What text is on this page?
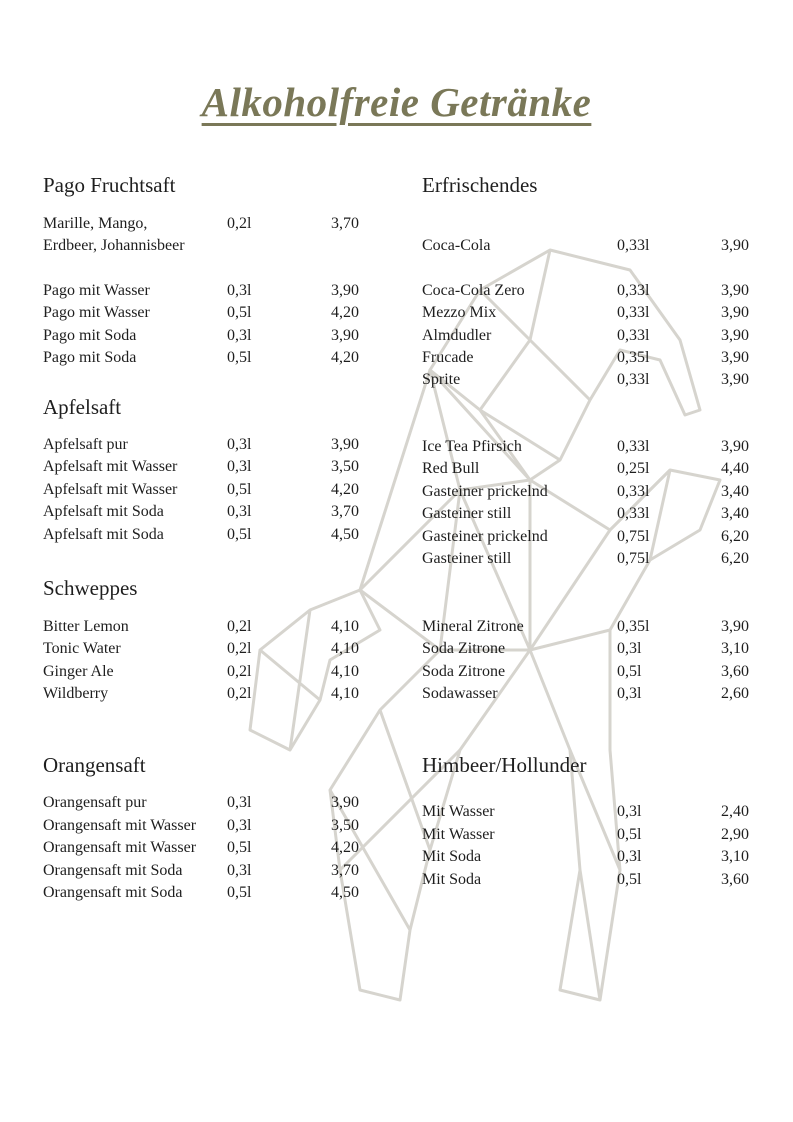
Alkoholfreie Getränke
Pago Fruchtsaft
Marille, Mango,	0,2l	3,70
Erdbeer, Johannisbeer
Pago mit Wasser	0,3l	3,90
Pago mit Wasser	0,5l	4,20
Pago mit Soda	0,3l	3,90
Pago mit Soda	0,5l	4,20
Apfelsaft
Apfelsaft pur	0,3l	3,90
Apfelsaft mit Wasser	0,3l	3,50
Apfelsaft mit Wasser	0,5l	4,20
Apfelsaft mit Soda	0,3l	3,70
Apfelsaft mit Soda	0,5l	4,50
Schweppes
Bitter Lemon	0,2l	4,10
Tonic Water	0,2l	4,10
Ginger Ale	0,2l	4,10
Wildberry	0,2l	4,10
Orangensaft
Orangensaft pur	0,3l	3,90
Orangensaft mit Wasser 0,3l	3,50
Orangensaft mit Wasser 0,5l	4,20
Orangensaft mit Soda	0,3l	3,70
Orangensaft mit Soda	0,5l	4,50
Erfrischendes
Coca-Cola	0,33l	3,90
Coca-Cola Zero	0,33l	3,90
Mezzo Mix	0,33l	3,90
Almdudler	0,33l	3,90
Frucade	0,35l	3,90
Sprite	0,33l	3,90
Ice Tea Pfirsich	0,33l	3,90
Red Bull	0,25l	4,40
Gasteiner prickelnd	0,33l	3,40
Gasteiner still	0,33l	3,40
Gasteiner prickelnd	0,75l	6,20
Gasteiner still	0,75l	6,20
Mineral Zitrone	0,35l	3,90
Soda Zitrone	0,3l	3,10
Soda Zitrone	0,5l	3,60
Sodawasser	0,3l	2,60
Himbeer/Hollunder
Mit Wasser	0,3l	2,40
Mit Wasser	0,5l	2,90
Mit Soda	0,3l	3,10
Mit Soda	0,5l	3,60
